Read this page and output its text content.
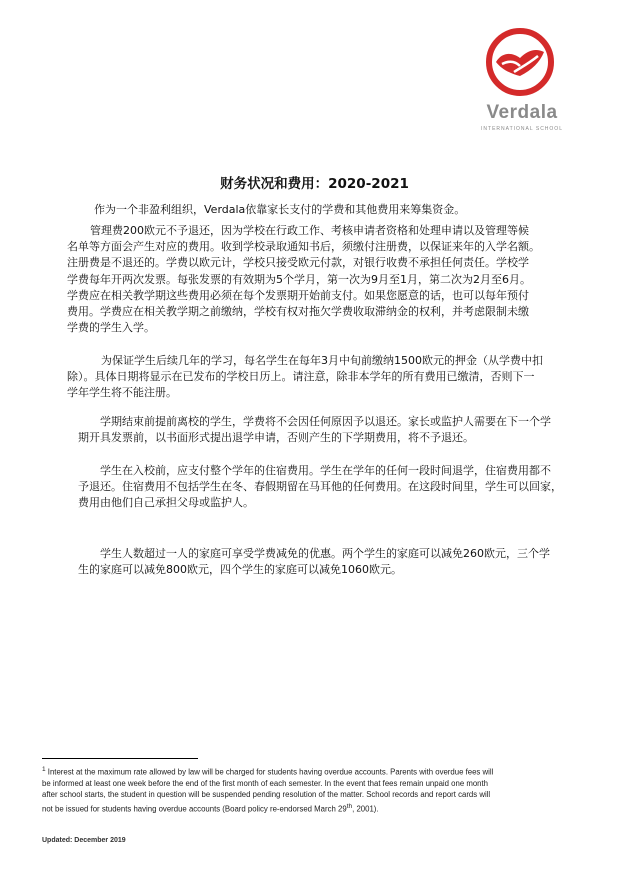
Verdala
INTERNATIONAL SCHOOL
财务状况和费用：2020-2021
作为一个非盈利组织，Verdala依靠家长支付的学费和其他费用来筹集资金。
管理费200欧元不予退还，因为学校在行政工作、考核申请者资格和处理申请以及管理等候
名单等方面会产生对应的费用。收到学校录取通知书后，须缴付注册费，以保证来年的入学名额。
注册费是不退还的。学费以欧元计，学校只接受欧元付款，对银行收费不承担任何责任。学校学
学费每年开两次发票。每张发票的有效期为5个学月，第一次为9月至1月，第二次为2月至6月。
学费应在相关教学期这些费用必须在每个发票期开始前支付。如果您愿意的话，也可以每年预付
费用。学费应在相关教学期之前缴纳，学校有权对拖欠学费收取滞纳金的权利，并考虑限制未缴
学费的学生入学。
为保证学生后续几年的学习，每名学生在每年3月中旬前缴纳1500欧元的押金（从学费中扣
除）。具体日期将显示在已发布的学校日历上。请注意，除非本学年的所有费用已缴清，否则下一
学年学生将不能注册。
学期结束前提前离校的学生，学费将不会因任何原因予以退还。家长或监护人需要在下一个学
期开具发票前，以书面形式提出退学申请，否则产生的下学期费用，将不予退还。
学生在入校前，应支付整个学年的住宿费用。学生在学年的任何一段时间退学，住宿费用都不
予退还。住宿费用不包括学生在冬、春假期留在马耳他的任何费用。在这段时间里，学生可以回家，
费用由他们自己承担父母或监护人。
学生人数超过一人的家庭可享受学费减免的优惠。两个学生的家庭可以减免260欧元，三个学
生的家庭可以减免800欧元，四个学生的家庭可以减免1060欧元。
$^1$ Interest at the maximum rate allowed by law will be charged for students having overdue accounts. Parents with overdue fees will
be informed at least one week before the end of the first month of each semester. In the event that fees remain unpaid one month
after school starts, the student in question will be suspended pending resolution of the matter. School records and report cards will
not be issued for students having overdue accounts (Board policy re-endorsed March 29th, 2001).
Updated: December 2019
